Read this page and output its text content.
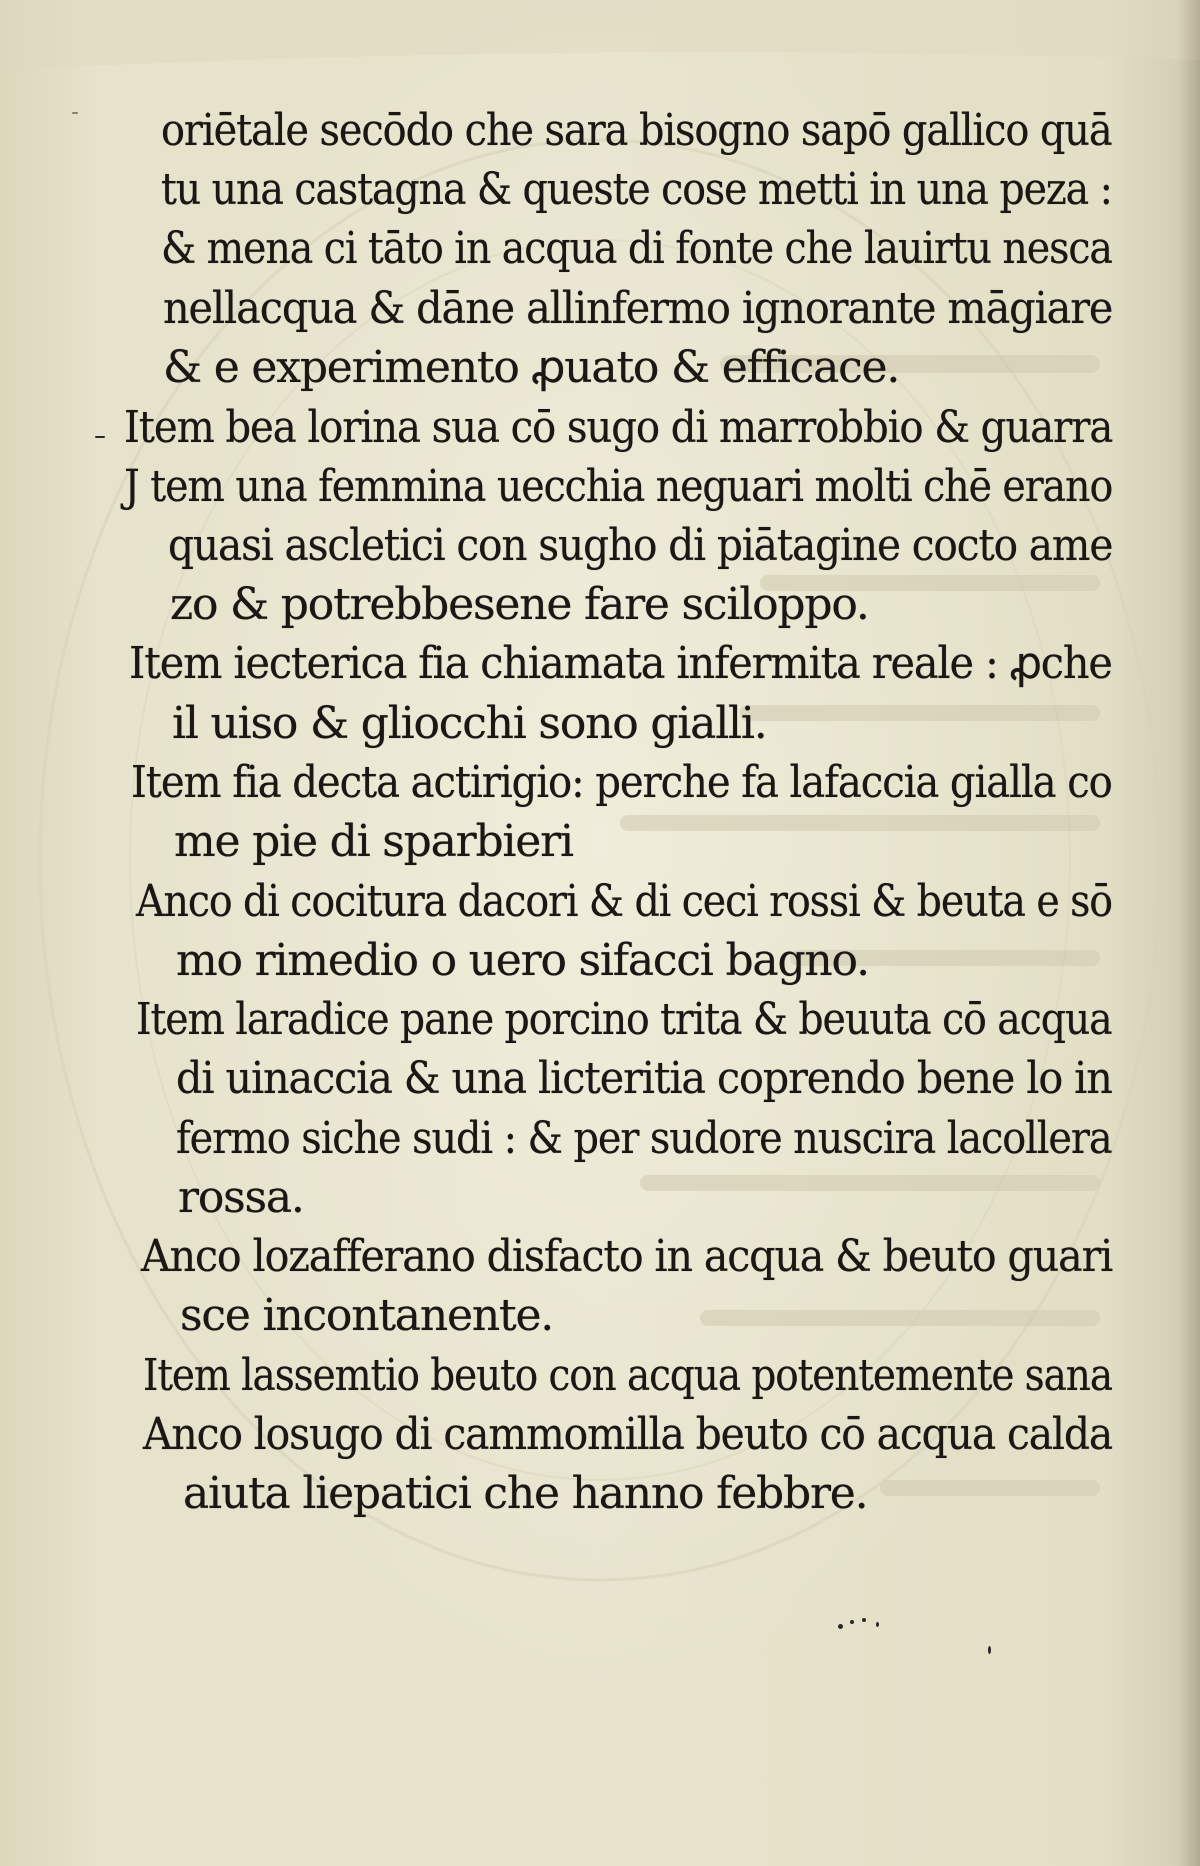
oriētale secōdo che sara bisogno sapō gallico quā
tu una castagna & queste cose metti in una peza :
& mena ci tāto in acqua di fonte che lauirtu nesca
nellacqua & dāne allinfermo ignorante māgiare
& e experimento ꝓuato & efficace.
Item bea lorina sua cō sugo di marrobbio & guarra
J tem una femmina uecchia neguari molti chē erano
quasi ascletici con sugho di piātagine cocto ame
zo & potrebbesene fare sciloppo.
Item iecterica fia chiamata infermita reale : ꝓche
il uiso & gliocchi sono gialli.
Item fia decta actirigio: perche fa lafaccia gialla co
me pie di sparbieri
Anco di cocitura dacori & di ceci rossi & beuta e sō
mo rimedio o uero sifacci bagno.
Item laradice pane porcino trita & beuuta cō acqua
di uinaccia & una licteritia coprendo bene lo in
fermo siche sudi : & per sudore nuscira lacollera
rossa.
Anco lozafferano disfacto in acqua & beuto guari
sce incontanente.
Item lassemtio beuto con acqua potentemente sana
Anco losugo di cammomilla beuto cō acqua calda
aiuta liepatici che hanno febbre.
